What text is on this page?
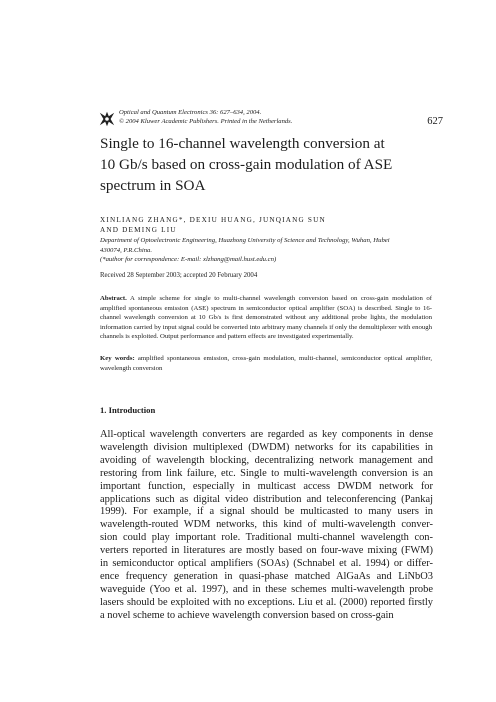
Optical and Quantum Electronics 36: 627–634, 2004.
© 2004 Kluwer Academic Publishers. Printed in the Netherlands.	627
Single to 16-channel wavelength conversion at
10 Gb/s based on cross-gain modulation of ASE
spectrum in SOA
XINLIANG ZHANG*, DEXIU HUANG, JUNQIANG SUN
AND DEMING LIU
Department of Optoelectronic Engineering, Huazhong University of Science and Technology, Wuhan, Hubei
430074, P.R.China.
(*author for correspondence: E-mail: xlzhang@mail.hust.edu.cn)
Received 28 September 2003; accepted 20 February 2004
Abstract. A simple scheme for single to multi-channel wavelength conversion based on cross-gain modulation of amplified spontaneous emission (ASE) spectrum in semiconductor optical amplifier (SOA) is described. Single to 16-channel wavelength conversion at 10 Gb/s is first demonstrated without any additional probe lights, the modulation information carried by input signal could be converted into arbitrary many channels if only the demultiplexer with enough channels is exploited. Output performance and pattern effects are investigated experimentally.
Key words: amplified spontaneous emission, cross-gain modulation, multi-channel, semiconductor optical amplifier, wavelength conversion
1. Introduction
All-optical wavelength converters are regarded as key components in dense
wavelength division multiplexed (DWDM) networks for its capabilities in
avoiding of wavelength blocking, decentralizing network management and
restoring from link failure, etc. Single to multi-wavelength conversion is an
important function, especially in multicast access DWDM network for
applications such as digital video distribution and teleconferencing (Pankaj
1999). For example, if a signal should be multicasted to many users in
wavelength-routed WDM networks, this kind of multi-wavelength conver-
sion could play important role. Traditional multi-channel wavelength con-
verters reported in literatures are mostly based on four-wave mixing (FWM)
in semiconductor optical amplifiers (SOAs) (Schnabel et al. 1994) or differ-
ence frequency generation in quasi-phase matched AlGaAs and LiNbO3
waveguide (Yoo et al. 1997), and in these schemes multi-wavelength probe
lasers should be exploited with no exceptions. Liu et al. (2000) reported firstly
a novel scheme to achieve wavelength conversion based on cross-gain
